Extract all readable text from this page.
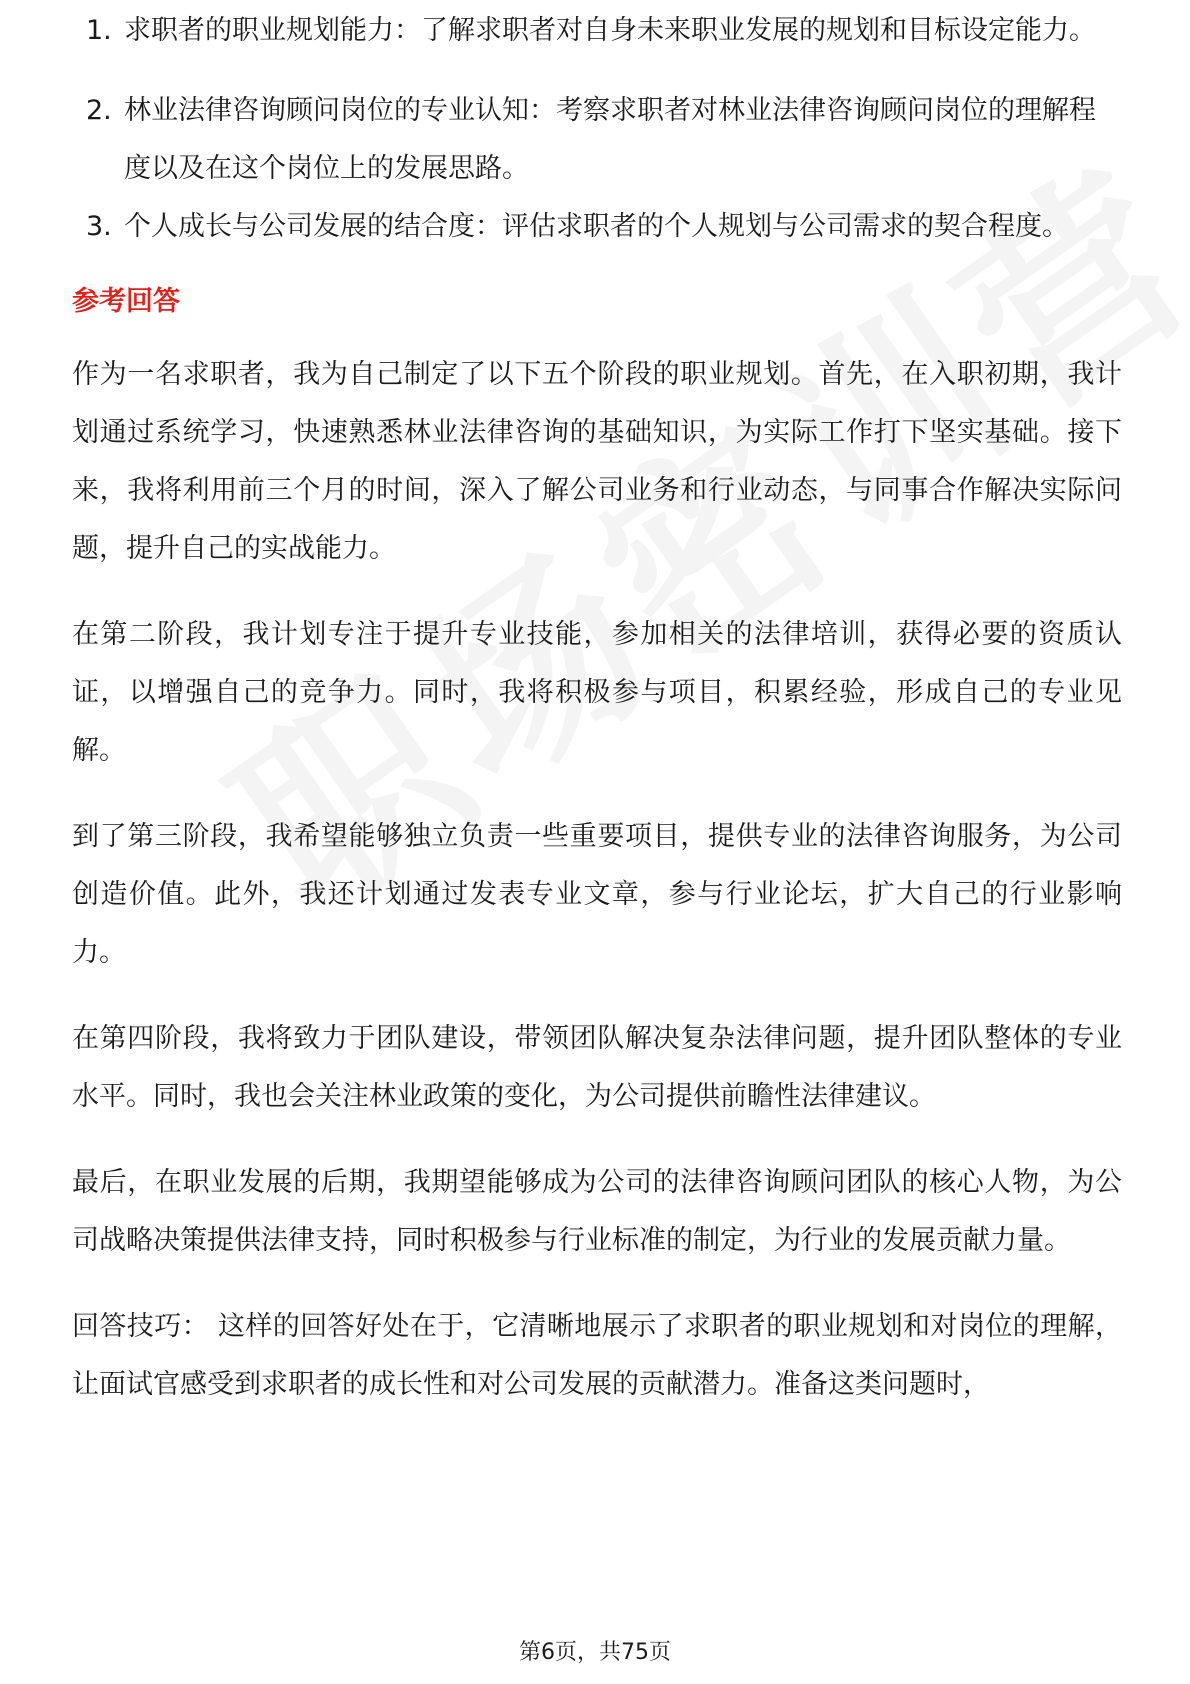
1. 求职者的职业规划能力：了解求职者对自身未来职业发展的规划和目标设定能力。
2. 林业法律咨询顾问岗位的专业认知：考察求职者对林业法律咨询顾问岗位的理解程度以及在这个岗位上的发展思路。
3. 个人成长与公司发展的结合度：评估求职者的个人规划与公司需求的契合程度。
参考回答

作为一名求职者，我为自己制定了以下五个阶段的职业规划。首先，在入职初期，我计划通过系统学习，快速熟悉林业法律咨询的基础知识，为实际工作打下坚实基础。接下来，我将利用前三个月的时间，深入了解公司业务和行业动态，与同事合作解决实际问题，提升自己的实战能力。

在第二阶段，我计划专注于提升专业技能，参加相关的法律培训，获得必要的资质认证，以增强自己的竞争力。同时，我将积极参与项目，积累经验，形成自己的专业见解。

到了第三阶段，我希望能够独立负责一些重要项目，提供专业的法律咨询服务，为公司创造价值。此外，我还计划通过发表专业文章，参与行业论坛，扩大自己的行业影响力。

在第四阶段，我将致力于团队建设，带领团队解决复杂法律问题，提升团队整体的专业水平。同时，我也会关注林业政策的变化，为公司提供前瞻性法律建议。

最后，在职业发展的后期，我期望能够成为公司的法律咨询顾问团队的核心人物，为公司战略决策提供法律支持，同时积极参与行业标准的制定，为行业的发展贡献力量。

回答技巧： 这样的回答好处在于，它清晰地展示了求职者的职业规划和对岗位的理解，让面试官感受到求职者的成长性和对公司发展的贡献潜力。准备这类问题时，

第6页，共75页
